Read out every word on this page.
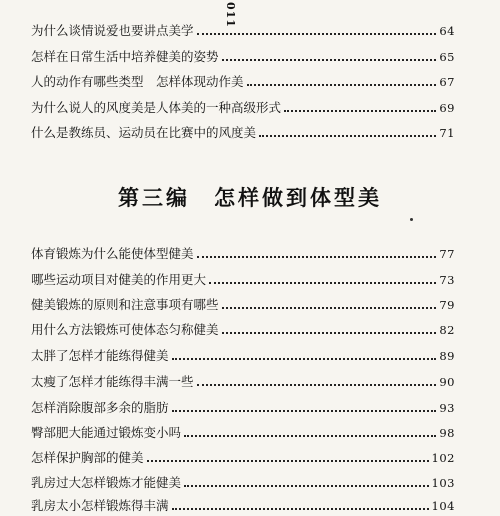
011
为什么谈情说爱也要讲点美学	64
怎样在日常生活中培养健美的姿势	65
人的动作有哪些类型　怎样体现动作美	67
为什么说人的风度美是人体美的一种高级形式	69
什么是教练员、运动员在比赛中的风度美	71
第三编　怎样做到体型美
体育锻炼为什么能使体型健美	77
哪些运动项目对健美的作用更大	73
健美锻炼的原则和注意事项有哪些	79
用什么方法锻炼可使体态匀称健美	82
太胖了怎样才能练得健美	89
太瘦了怎样才能练得丰满一些	90
怎样消除腹部多余的脂肪	93
臀部肥大能通过锻炼变小吗	98
怎样保护胸部的健美	102
乳房过大怎样锻炼才能健美	103
乳房太小怎样锻炼得丰满	104
